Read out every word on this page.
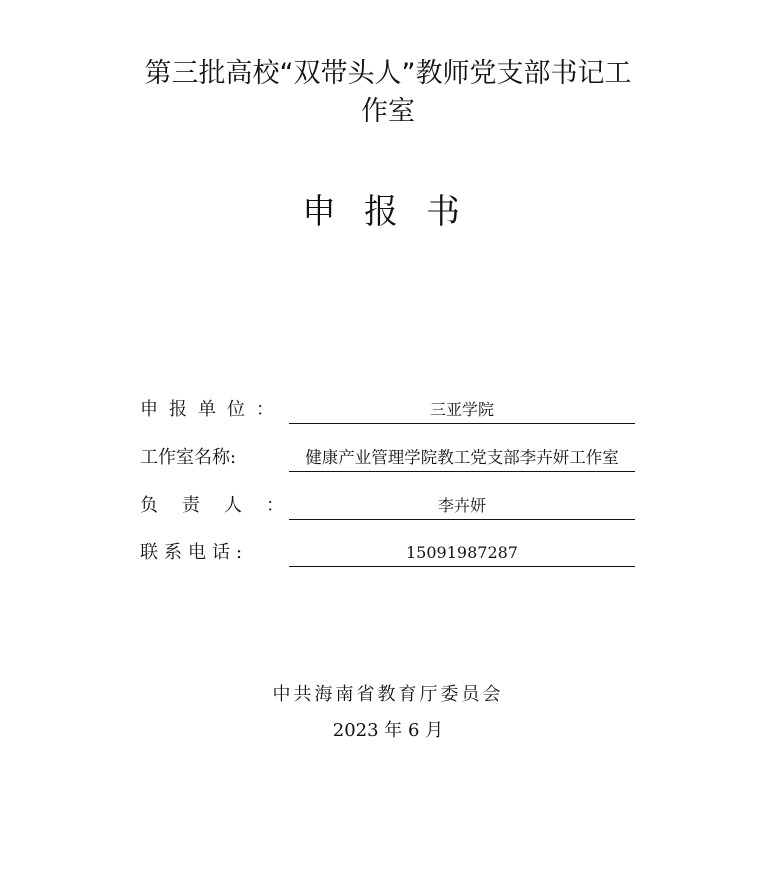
第三批高校“双带头人”教师党支部书记工
作室
申报书
申报单位：	三亚学院
工作室名称:	健康产业管理学院教工党支部李卉妍工作室
负责人：	李卉妍
联系电话:	15091987287
中共海南省教育厅委员会
2023 年 6 月
